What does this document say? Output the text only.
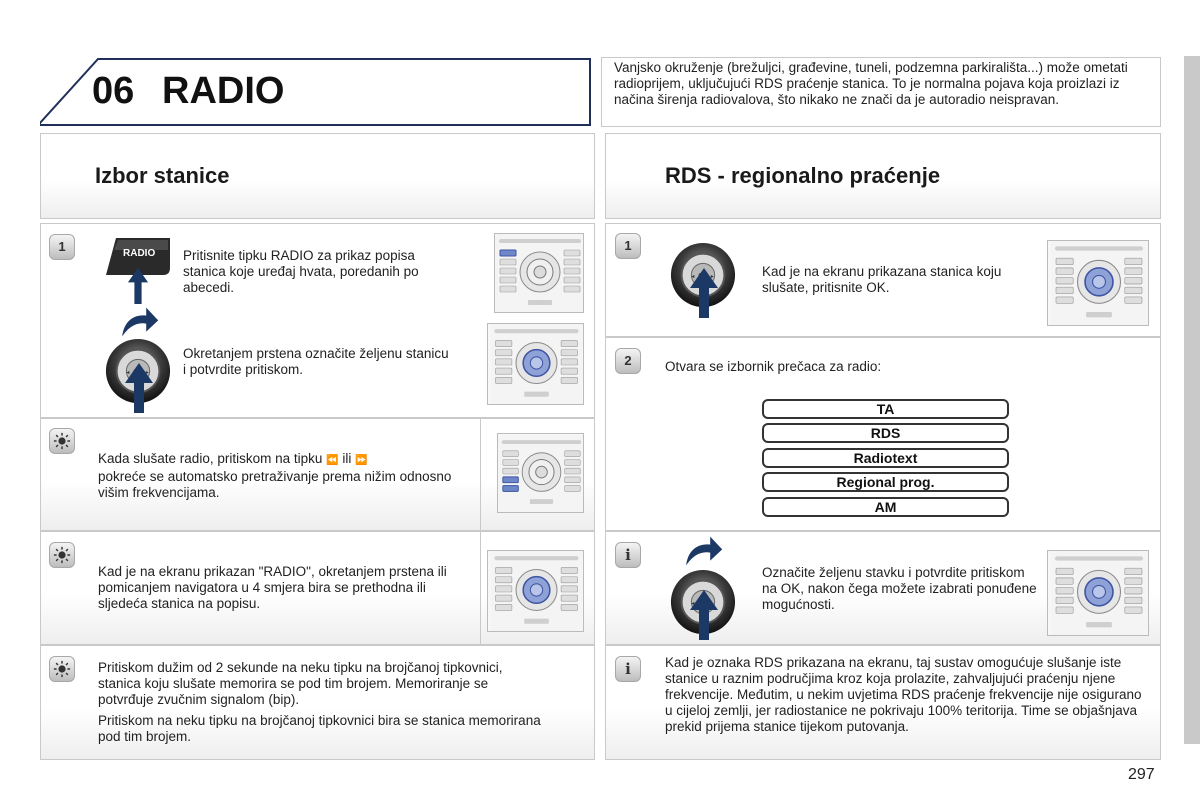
06 RADIO
Vanjsko okruženje (brežuljci, građevine, tuneli, podzemna parkirališta...) može ometati radioprijem, uključujući RDS praćenje stanica. To je normalna pojava koja proizlazi iz načina širenja radiovalova, što nikako ne znači da je autoradio neispravan.
Izbor stanice
1	RADIO Pritisnite tipku RADIO za prikaz popisa stanica koje uređaj hvata, poredanih po abecedi.
Okretanjem prstena označite željenu stanicu i potvrdite pritiskom.
Kada slušate radio, pritiskom na tipku ⏪ ili ⏩
pokreće se automatsko pretraživanje prema nižim odnosno višim frekvencijama.
Kad je na ekranu prikazan "RADIO", okretanjem prstena ili pomicanjem navigatora u 4 smjera bira se prethodna ili sljedeća stanica na popisu.
Pritiskom dužim od 2 sekunde na neku tipku na brojčanoj tipkovnici, stanica koju slušate memorira se pod tim brojem. Memoriranje se potvrđuje zvučnim signalom (bip).
Pritiskom na neku tipku na brojčanoj tipkovnici bira se stanica memorirana pod tim brojem.
RDS - regionalno praćenje
1
Kad je na ekranu prikazana stanica koju slušate, pritisnite OK.
2	Otvara se izbornik prečaca za radio:
TA
RDS
Radiotext
Regional prog.
AM
i
Označite željenu stavku i potvrdite pritiskom na OK, nakon čega možete izabrati ponuđene mogućnosti.
i	Kad je oznaka RDS prikazana na ekranu, taj sustav omogućuje slušanje iste stanice u raznim područjima kroz koja prolazite, zahvaljujući praćenju njene frekvencije. Međutim, u nekim uvjetima RDS praćenje frekvencije nije osigurano u cijeloj zemlji, jer radiostanice ne pokrivaju 100% teritorija. Time se objašnjava prekid prijema stanice tijekom putovanja.
297
